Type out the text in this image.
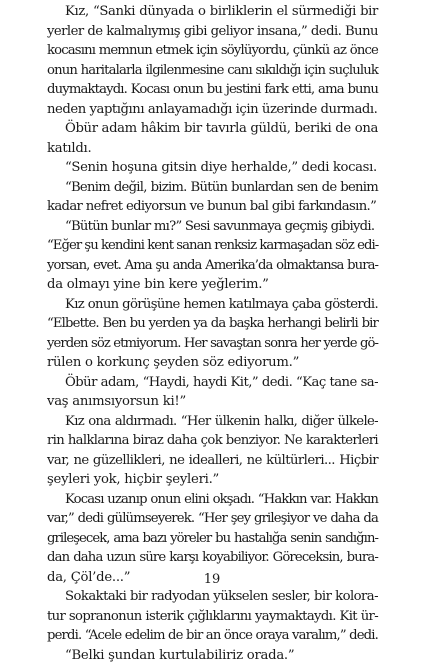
Kız, “Sanki dünyada o birliklerin el sürmediği bir
yerler de kalmalıymış gibi geliyor insana,” dedi. Bunu
kocasını memnun etmek için söylüyordu, çünkü az önce
onun haritalarla ilgilenmesine canı sıkıldığı için suçluluk
duymaktaydı. Kocası onun bu jestini fark etti, ama bunu
neden yaptığını anlayamadığı için üzerinde durmadı.
Öbür adam hâkim bir tavırla güldü, beriki de ona
katıldı.
“Senin hoşuna gitsin diye herhalde,” dedi kocası.
“Benim değil, bizim. Bütün bunlardan sen de benim
kadar nefret ediyorsun ve bunun bal gibi farkındasın.”
“Bütün bunlar mı?” Sesi savunmaya geçmiş gibiydi.
“Eğer şu kendini kent sanan renksiz karmaşadan söz edi-
yorsan, evet. Ama şu anda Amerika’da olmaktansa bura-
da olmayı yine bin kere yeğlerim.”
Kız onun görüşüne hemen katılmaya çaba gösterdi.
“Elbette. Ben bu yerden ya da başka herhangi belirli bir
yerden söz etmiyorum. Her savaştan sonra her yerde gö-
rülen o korkunç şeyden söz ediyorum.”
Öbür adam, “Haydi, haydi Kit,” dedi. “Kaç tane sa-
vaş anımsıyorsun ki!”
Kız ona aldırmadı. “Her ülkenin halkı, diğer ülkele-
rin halklarına biraz daha çok benziyor. Ne karakterleri
var, ne güzellikleri, ne idealleri, ne kültürleri... Hiçbir
şeyleri yok, hiçbir şeyleri.”
Kocası uzanıp onun elini okşadı. “Hakkın var. Hakkın
var,” dedi gülümseyerek. “Her şey grileşiyor ve daha da
grileşecek, ama bazı yöreler bu hastalığa senin sandığın-
dan daha uzun süre karşı koyabiliyor. Göreceksin, bura-
da, Çöl’de...”
Sokaktaki bir radyodan yükselen sesler, bir kolora-
tur sopranonun isterik çığlıklarını yaymaktaydı. Kit ür-
perdi. “Acele edelim de bir an önce oraya varalım,” dedi.
“Belki şundan kurtulabiliriz orada.”
19
